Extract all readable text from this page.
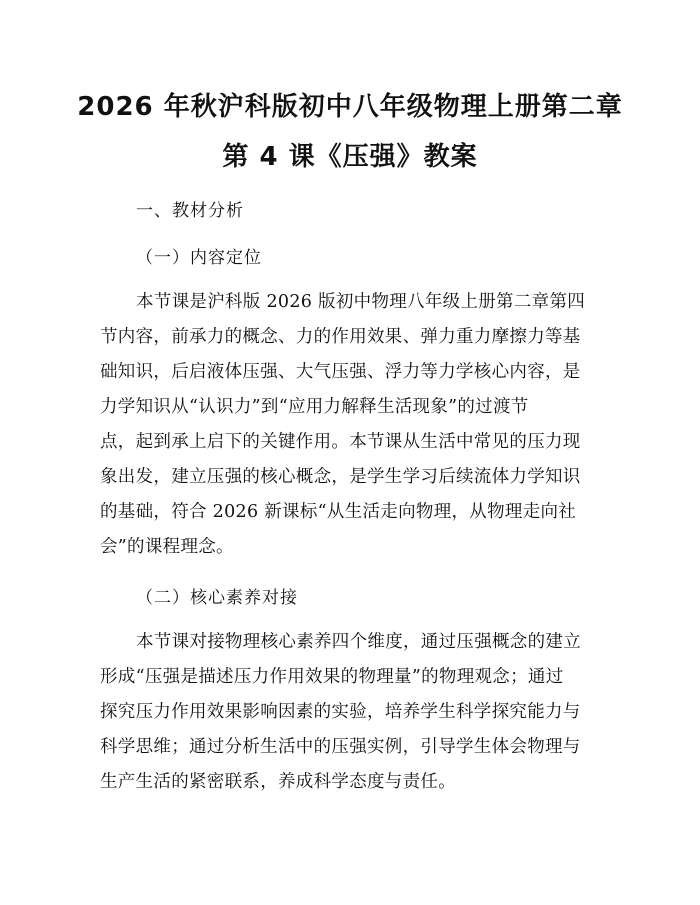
2026 年秋沪科版初中八年级物理上册第二章
第 4 课《压强》教案
一、教材分析
（一）内容定位
本节课是沪科版 2026 版初中物理八年级上册第二章第四
节内容，前承力的概念、力的作用效果、弹力重力摩擦力等基
础知识，后启液体压强、大气压强、浮力等力学核心内容，是
力学知识从“认识力”到“应用力解释生活现象”的过渡节
点，起到承上启下的关键作用。本节课从生活中常见的压力现
象出发，建立压强的核心概念，是学生学习后续流体力学知识
的基础，符合 2026 新课标“从生活走向物理，从物理走向社
会”的课程理念。
（二）核心素养对接
本节课对接物理核心素养四个维度，通过压强概念的建立
形成“压强是描述压力作用效果的物理量”的物理观念；通过
探究压力作用效果影响因素的实验，培养学生科学探究能力与
科学思维；通过分析生活中的压强实例，引导学生体会物理与
生产生活的紧密联系，养成科学态度与责任。
